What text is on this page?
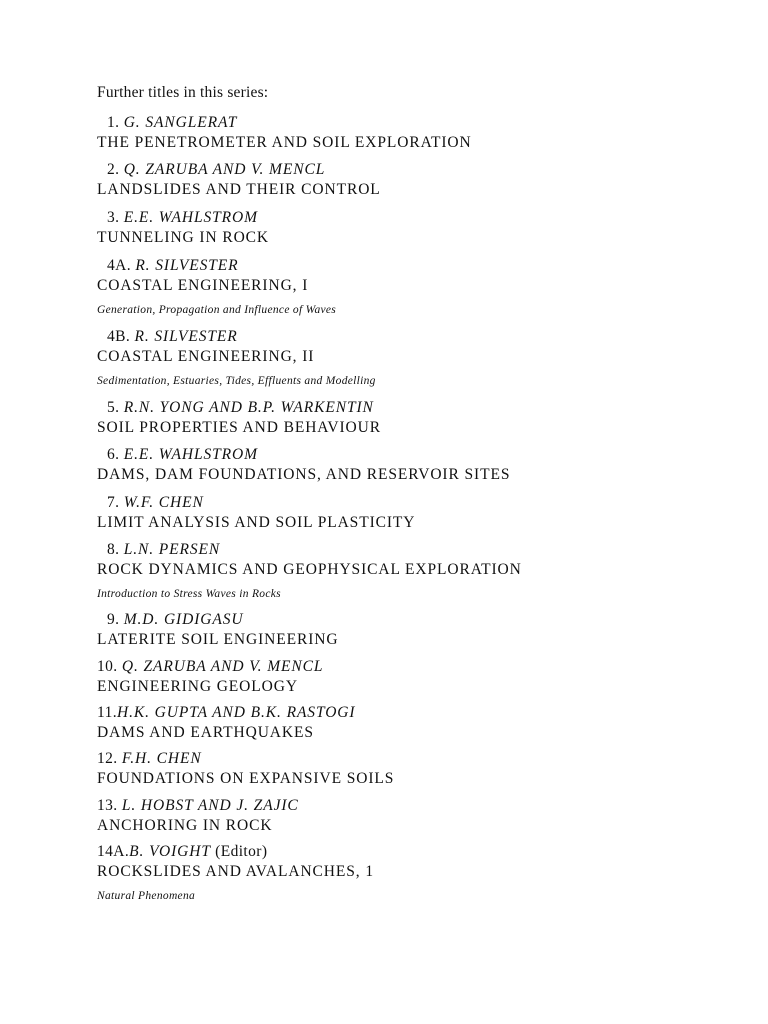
Further titles in this series:
1. G. SANGLERAT
THE PENETROMETER AND SOIL EXPLORATION
2. Q. ZARUBA AND V. MENCL
LANDSLIDES AND THEIR CONTROL
3. E.E. WAHLSTROM
TUNNELING IN ROCK
4A. R. SILVESTER
COASTAL ENGINEERING, I
Generation, Propagation and Influence of Waves
4B. R. SILVESTER
COASTAL ENGINEERING, II
Sedimentation, Estuaries, Tides, Effluents and Modelling
5. R.N. YONG AND B.P. WARKENTIN
SOIL PROPERTIES AND BEHAVIOUR
6. E.E. WAHLSTROM
DAMS, DAM FOUNDATIONS, AND RESERVOIR SITES
7. W.F. CHEN
LIMIT ANALYSIS AND SOIL PLASTICITY
8. L.N. PERSEN
ROCK DYNAMICS AND GEOPHYSICAL EXPLORATION
Introduction to Stress Waves in Rocks
9. M.D. GIDIGASU
LATERITE SOIL ENGINEERING
10. Q. ZARUBA AND V. MENCL
ENGINEERING GEOLOGY
11.H.K. GUPTA AND B.K. RASTOGI
DAMS AND EARTHQUAKES
12. F.H. CHEN
FOUNDATIONS ON EXPANSIVE SOILS
13. L. HOBST AND J. ZAJIC
ANCHORING IN ROCK
14A.B. VOIGHT (Editor)
ROCKSLIDES AND AVALANCHES, 1
Natural Phenomena
